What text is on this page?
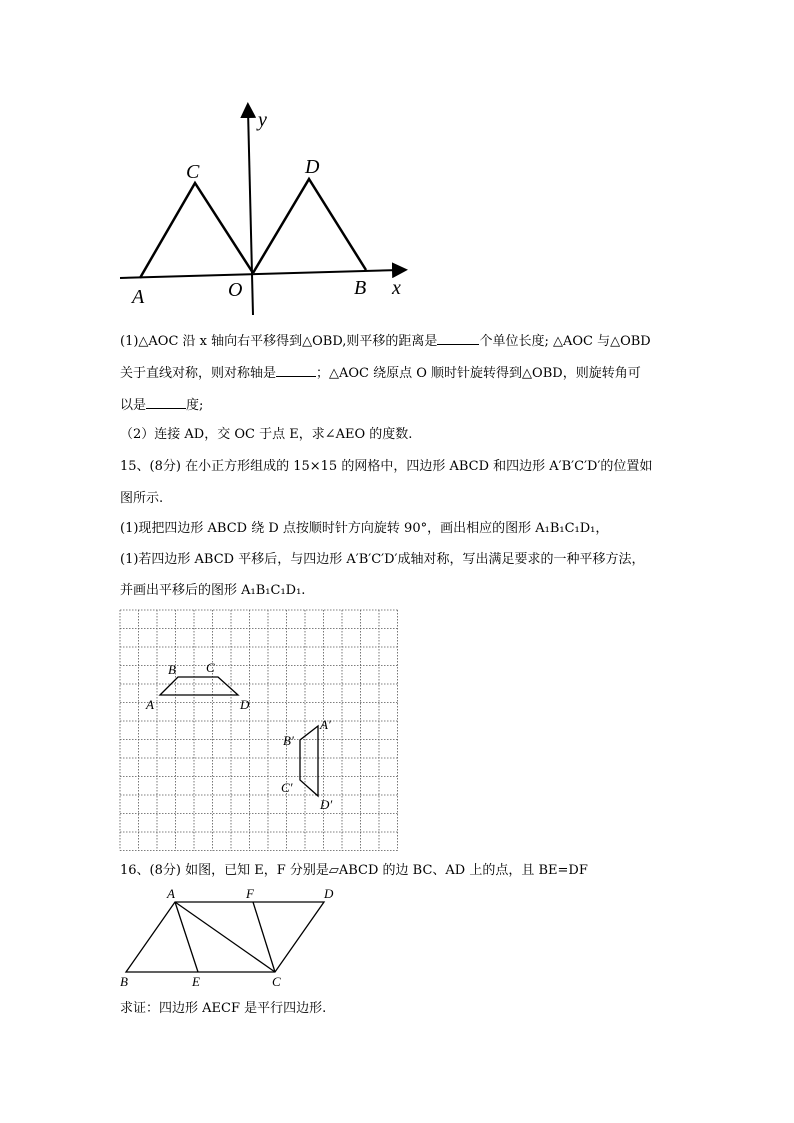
y
x
C	D
A	O	B
(1)△AOC 沿 x 轴向右平移得到△OBD,则平移的距离是	个单位长度; △AOC 与△OBD
关于直线对称，则对称轴是	；△AOC 绕原点 O 顺时针旋转得到△OBD，则旋转角可
以是	度;
（2）连接 AD，交 OC 于点 E，求∠AEO 的度数.
15、(8分) 在小正方形组成的 15×15 的网格中，四边形 ABCD 和四边形 A′B′C′D′的位置如
图所示.
(1)现把四边形 ABCD 绕 D 点按顺时针方向旋转 90°，画出相应的图形 A₁B₁C₁D₁，
(1)若四边形 ABCD 平移后，与四边形 A′B′C′D′成轴对称，写出满足要求的一种平移方法，
并画出平移后的图形 A₁B₁C₁D₁.
A
B C
D
A′
B′
C′
D′
16、(8分) 如图，已知 E，F 分别是▱ABCD 的边 BC、AD 上的点，且 BE=DF
A	F	D
B	E	C
求证：四边形 AECF 是平行四边形.
